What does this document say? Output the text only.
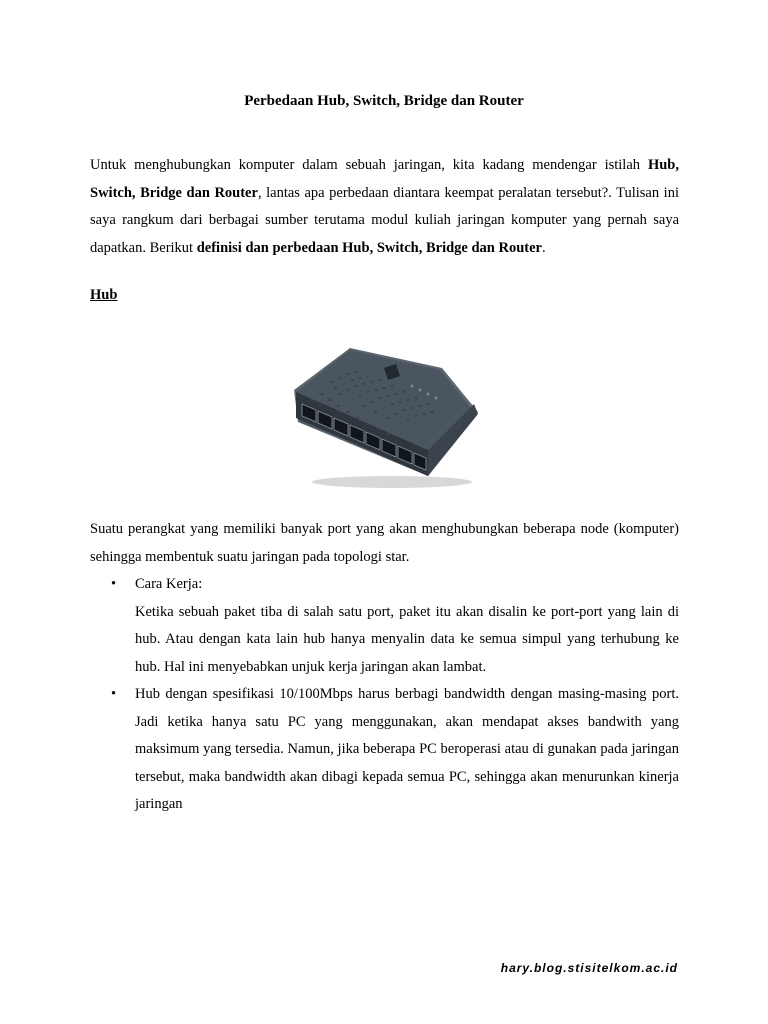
Perbedaan Hub, Switch, Bridge dan Router
Untuk menghubungkan komputer dalam sebuah jaringan, kita kadang mendengar istilah Hub, Switch, Bridge dan Router, lantas apa perbedaan diantara keempat peralatan tersebut?. Tulisan ini saya rangkum dari berbagai sumber terutama modul kuliah jaringan komputer yang pernah saya dapatkan. Berikut definisi dan perbedaan Hub, Switch, Bridge dan Router.
Hub
Suatu perangkat yang memiliki banyak port yang akan menghubungkan beberapa node (komputer) sehingga membentuk suatu jaringan pada topologi star.
• Cara Kerja:
Ketika sebuah paket tiba di salah satu port, paket itu akan disalin ke port-port yang lain di hub. Atau dengan kata lain hub hanya menyalin data ke semua simpul yang terhubung ke hub. Hal ini menyebabkan unjuk kerja jaringan akan lambat.
• Hub dengan spesifikasi 10/100Mbps harus berbagi bandwidth dengan masing-masing port. Jadi ketika hanya satu PC yang menggunakan, akan mendapat akses bandwith yang maksimum yang tersedia. Namun, jika beberapa PC beroperasi atau di gunakan pada jaringan tersebut, maka bandwidth akan dibagi kepada semua PC, sehingga akan menurunkan kinerja jaringan
hary.blog.stisitelkom.ac.id
